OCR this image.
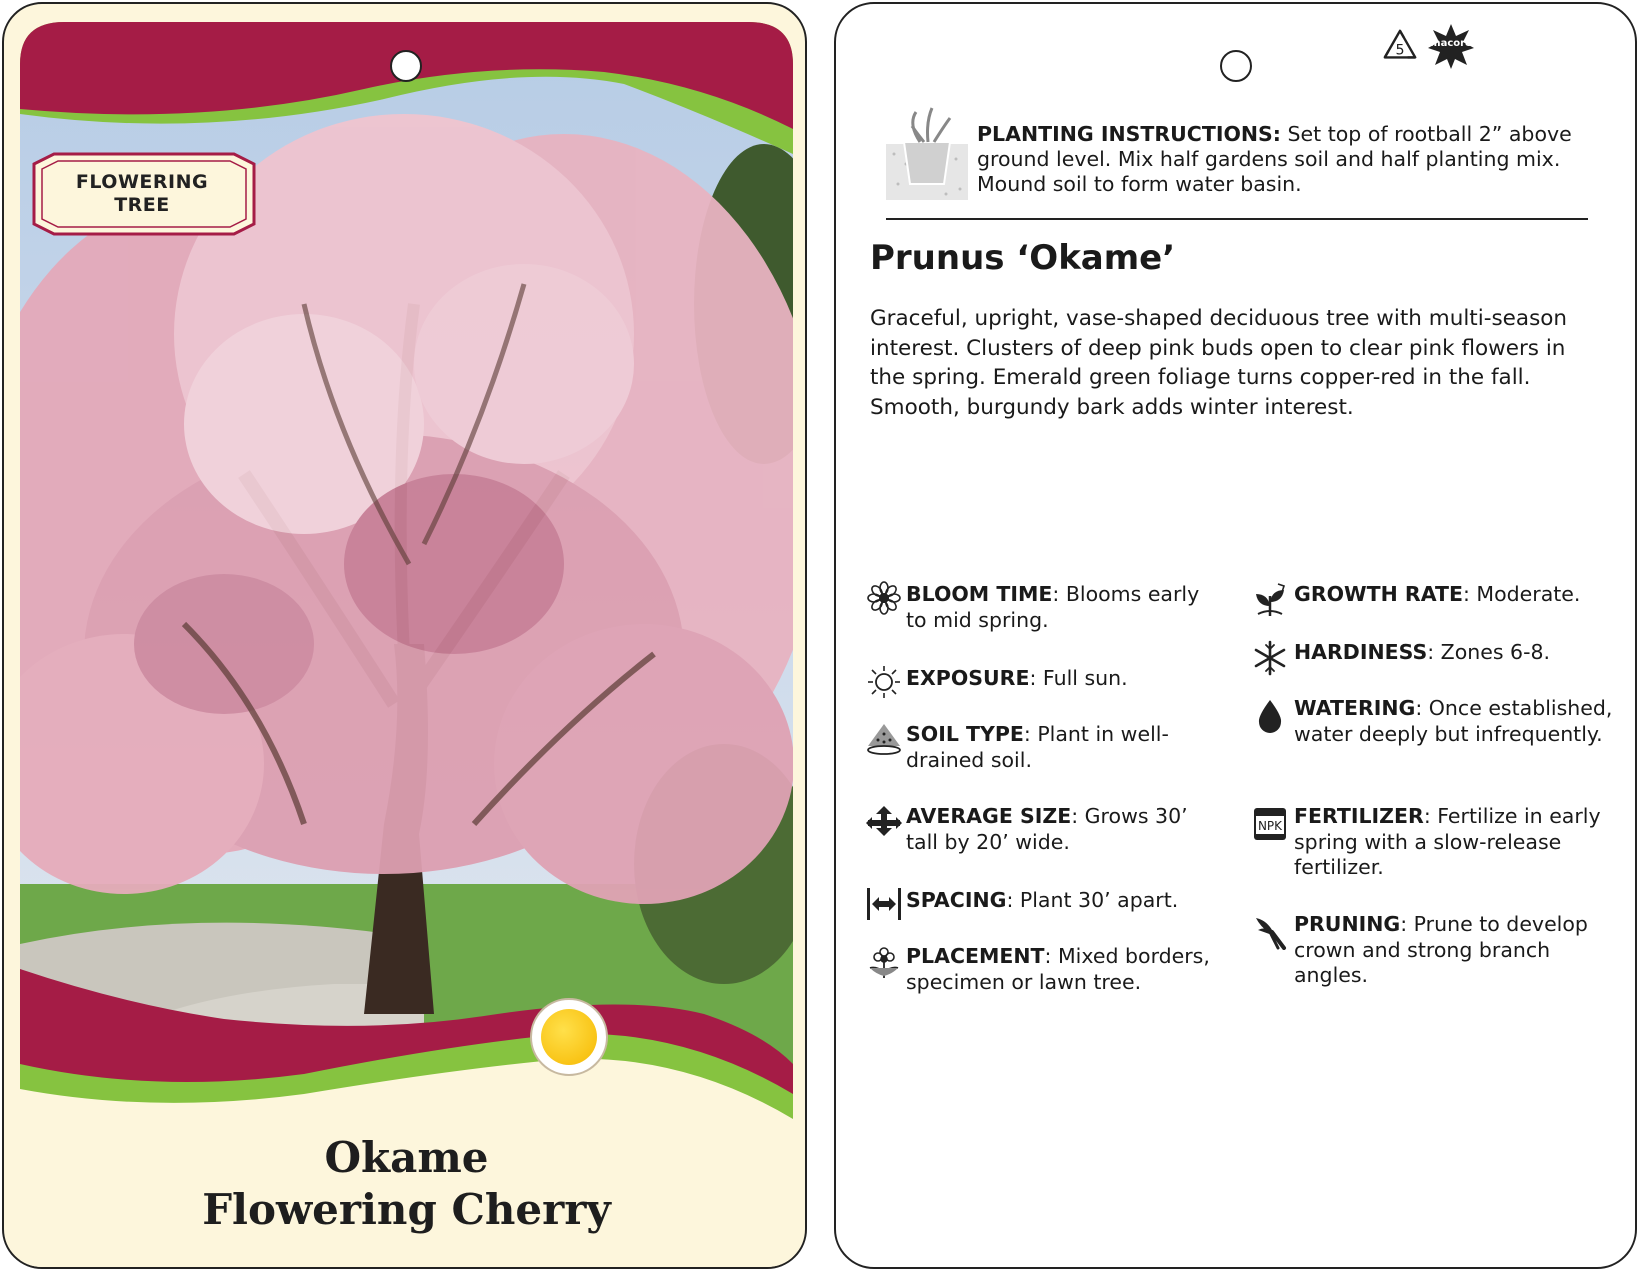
FLOWERING
TREE
Okame
Flowering Cherry
5	macore
PLANTING INSTRUCTIONS: Set top of rootball 2” above ground level. Mix half gardens soil and half planting mix. Mound soil to form water basin.
Prunus ‘Okame’
Graceful, upright, vase-shaped deciduous tree with multi-season interest. Clusters of deep pink buds open to clear pink flowers in the spring. Emerald green foliage turns copper-red in the fall. Smooth, burgundy bark adds winter interest.
BLOOM TIME: Blooms early to mid spring.
EXPOSURE: Full sun.
SOIL TYPE: Plant in well-drained soil.
AVERAGE SIZE: Grows 30’ tall by 20’ wide.
SPACING: Plant 30’ apart.
PLACEMENT: Mixed borders, specimen or lawn tree.
GROWTH RATE: Moderate.
HARDINESS: Zones 6-8.
WATERING: Once established, water deeply but infrequently.
NPK FERTILIZER: Fertilize in early spring with a slow-release fertilizer.
PRUNING: Prune to develop crown and strong branch angles.
